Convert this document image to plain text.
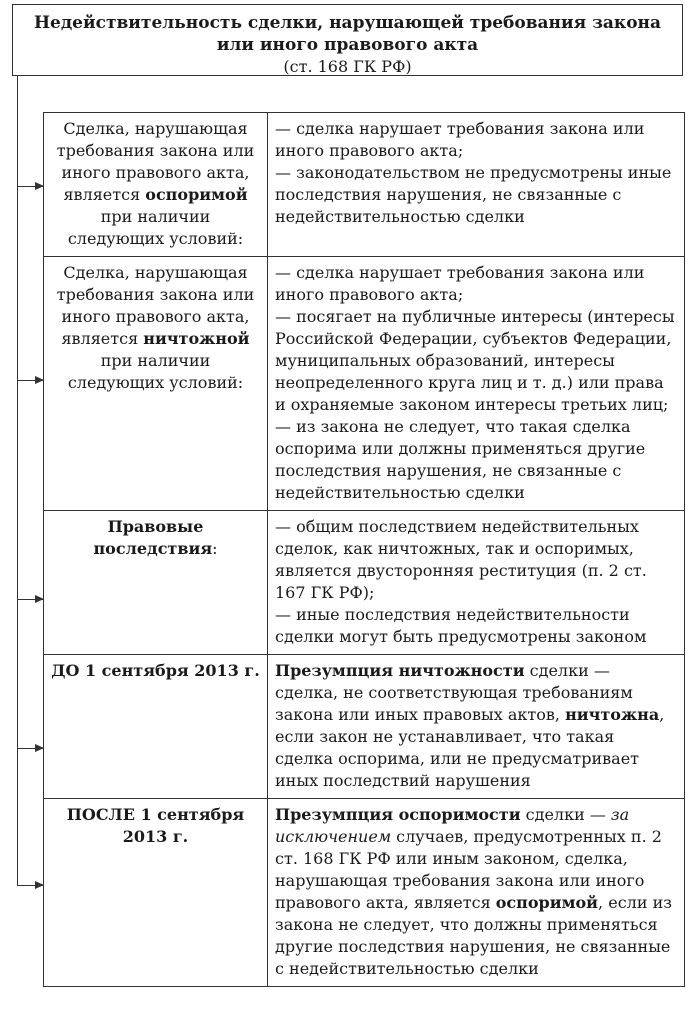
Недействительность сделки, нарушающей требования закона
или иного правового акта
(ст. 168 ГК РФ)
Сделка, нарушающая требования закона или иного правового акта, является оспоримой при наличии следующих условий:	— сделка нарушает требования закона или иного правового акта;
— законодательством не предусмотрены иные последствия нарушения, не связанные с недействительностью сделки

Сделка, нарушающая требования закона или иного правового акта, является ничтожной при наличии следующих условий:	— сделка нарушает требования закона или иного правового акта;
— посягает на публичные интересы (интересы Российской Федерации, субъектов Федерации, муниципальных образований, интересы неопределенного круга лиц и т. д.) или права и охраняемые законом интересы третьих лиц;
— из закона не следует, что такая сделка оспорима или должны применяться другие последствия нарушения, не связанные с недействительностью сделки

Правовые последствия:	— общим последствием недействительных сделок, как ничтожных, так и оспоримых, является двусторонняя реституция (п. 2 ст. 167 ГК РФ);
— иные последствия недействительности сделки могут быть предусмотрены законом

ДО 1 сентября 2013 г.	Презумпция ничтожности сделки — сделка, не соответствующая требованиям закона или иных правовых актов, ничтожна, если закон не устанавливает, что такая сделка оспорима, или не предусматривает иных последствий нарушения
ПОСЛЕ 1 сентября 2013 г.	Презумпция оспоримости сделки — за исключением случаев, предусмотренных п. 2 ст. 168 ГК РФ или иным законом, сделка, нарушающая требования закона или иного правового акта, является оспоримой, если из закона не следует, что должны применяться другие последствия нарушения, не связанные с недействительностью сделки
